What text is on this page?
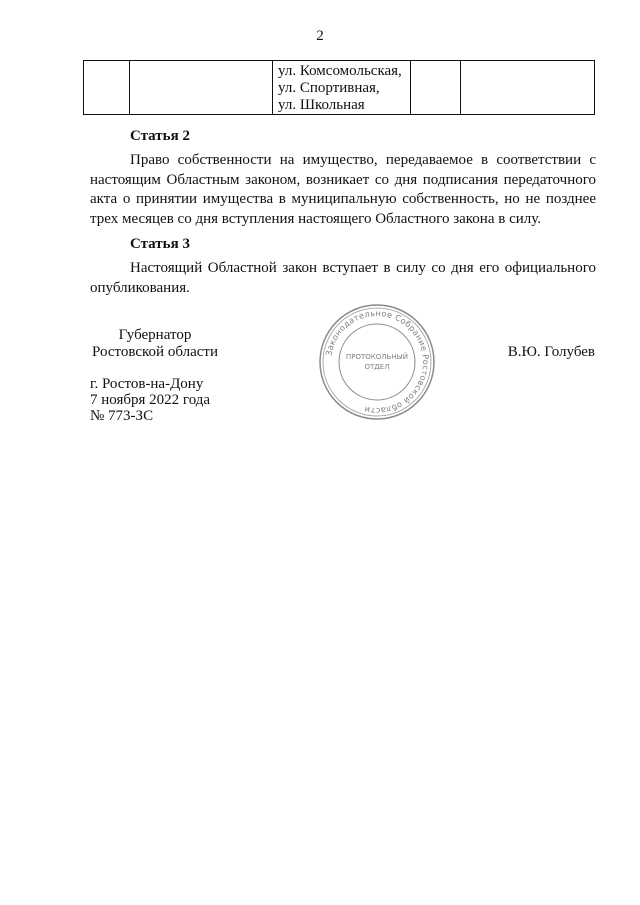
2
ул. Комсомольская,
ул. Спортивная,
ул. Школьная
Статья 2
Право собственности на имущество, передаваемое в соответствии с настоящим Областным законом, возникает со дня подписания передаточного акта о принятии имущества в муниципальную собственность, но не позднее трех месяцев со дня вступления настоящего Областного закона в силу.
Статья 3
Настоящий Областной закон вступает в силу со дня его официального опубликования.
Губернатор
Ростовской области	Законодательное Собрание Ростовской области
ПРОТОКОЛЬНЫЙ
ОТДЕЛ
В.Ю. Голубев
г. Ростов-на-Дону
7 ноября 2022 года
№ 773-ЗС
